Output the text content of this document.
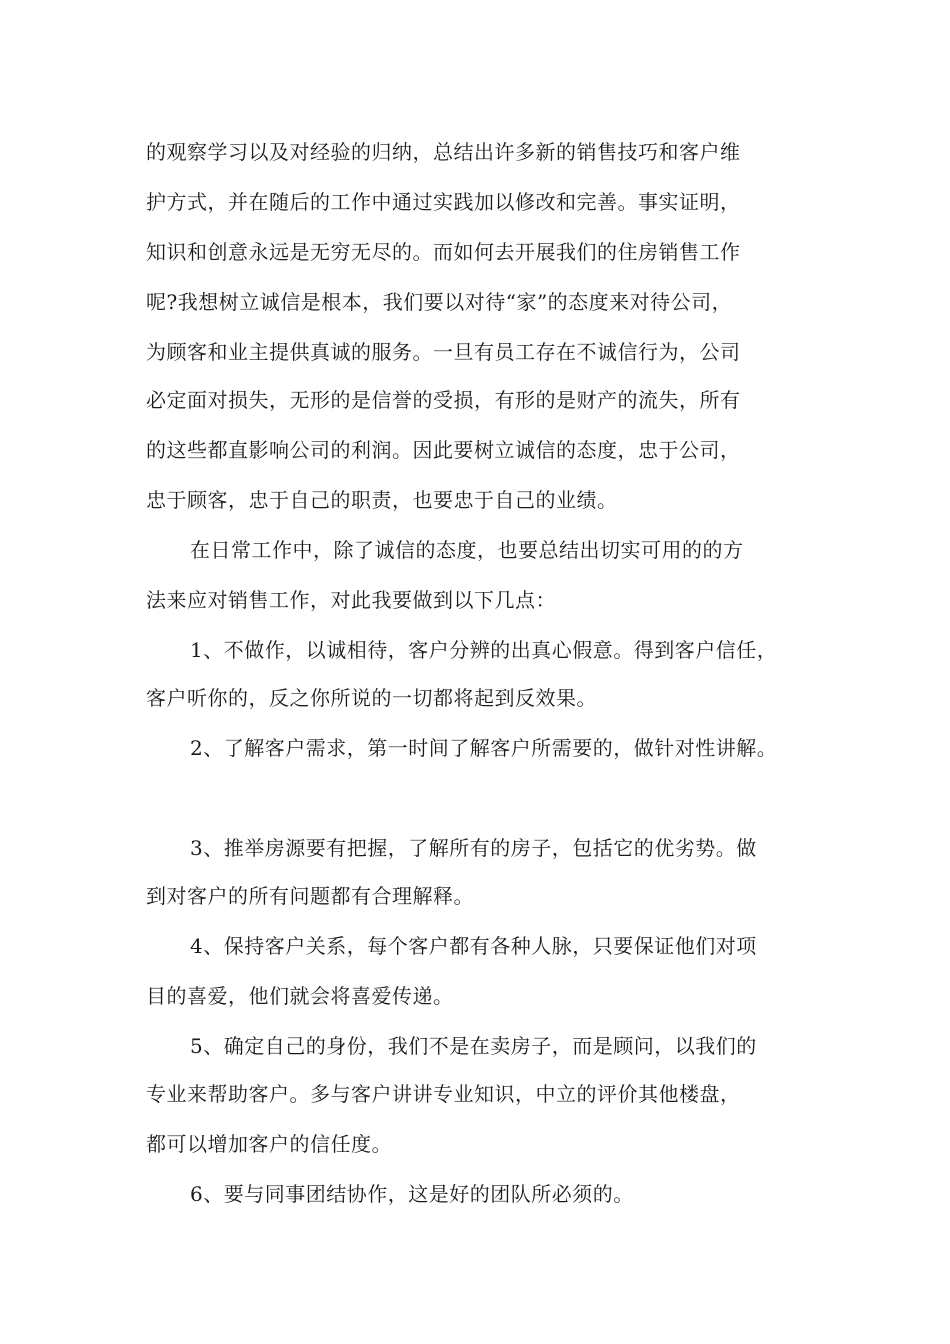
的观察学习以及对经验的归纳，总结出许多新的销售技巧和客户维
护方式，并在随后的工作中通过实践加以修改和完善。事实证明，
知识和创意永远是无穷无尽的。而如何去开展我们的住房销售工作
呢?我想树立诚信是根本，我们要以对待“家”的态度来对待公司，
为顾客和业主提供真诚的服务。一旦有员工存在不诚信行为，公司
必定面对损失，无形的是信誉的受损，有形的是财产的流失，所有
的这些都直影响公司的利润。因此要树立诚信的态度，忠于公司，
忠于顾客，忠于自己的职责，也要忠于自己的业绩。
在日常工作中，除了诚信的态度，也要总结出切实可用的的方
法来应对销售工作，对此我要做到以下几点：
1、不做作，以诚相待，客户分辨的出真心假意。得到客户信任，
客户听你的，反之你所说的一切都将起到反效果。
2、了解客户需求，第一时间了解客户所需要的，做针对性讲解。
3、推举房源要有把握，了解所有的房子，包括它的优劣势。做
到对客户的所有问题都有合理解释。
4、保持客户关系，每个客户都有各种人脉，只要保证他们对项
目的喜爱，他们就会将喜爱传递。
5、确定自己的身份，我们不是在卖房子，而是顾问，以我们的
专业来帮助客户。多与客户讲讲专业知识，中立的评价其他楼盘，
都可以增加客户的信任度。
6、要与同事团结协作，这是好的团队所必须的。
